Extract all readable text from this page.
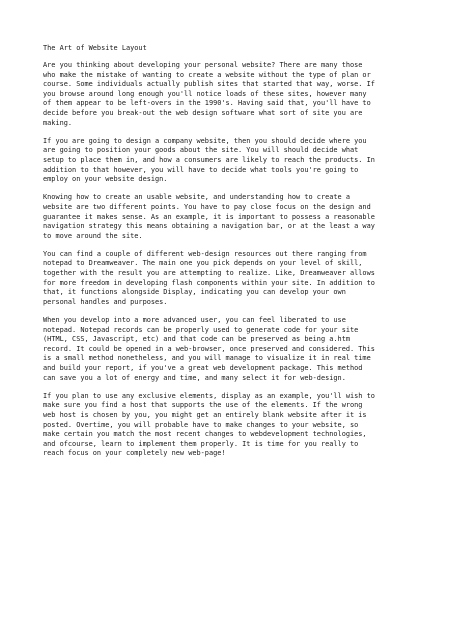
The Art of Website Layout
Are you thinking about developing your personal website? There are many those
who make the mistake of wanting to create a website without the type of plan or
course. Some individuals actually publish sites that started that way, worse. If
you browse around long enough you'll notice loads of these sites, however many
of them appear to be left-overs in the 1990's. Having said that, you'll have to
decide before you break-out the web design software what sort of site you are
making.
If you are going to design a company website, then you should decide where you
are going to position your goods about the site. You will should decide what
setup to place them in, and how a consumers are likely to reach the products. In
addition to that however, you will have to decide what tools you're going to
employ on your website design.
Knowing how to create an usable website, and understanding how to create a
website are two different points. You have to pay close focus on the design and
guarantee it makes sense. As an example, it is important to possess a reasonable
navigation strategy this means obtaining a navigation bar, or at the least a way
to move around the site.
You can find a couple of different web-design resources out there ranging from
notepad to Dreamweaver. The main one you pick depends on your level of skill,
together with the result you are attempting to realize. Like, Dreamweaver allows
for more freedom in developing flash components within your site. In addition to
that, it functions alongside Display, indicating you can develop your own
personal handles and purposes.
When you develop into a more advanced user, you can feel liberated to use
notepad. Notepad records can be properly used to generate code for your site
(HTML, CSS, Javascript, etc) and that code can be preserved as being a.htm
record. It could be opened in a web-browser, once preserved and considered. This
is a small method nonetheless, and you will manage to visualize it in real time
and build your report, if you've a great web development package. This method
can save you a lot of energy and time, and many select it for web-design.
If you plan to use any exclusive elements, display as an example, you'll wish to
make sure you find a host that supports the use of the elements. If the wrong
web host is chosen by you, you might get an entirely blank website after it is
posted. Overtime, you will probable have to make changes to your website, so
make certain you match the most recent changes to webdevelopment technologies,
and ofcourse, learn to implement them properly. It is time for you really to
reach focus on your completely new web-page!
